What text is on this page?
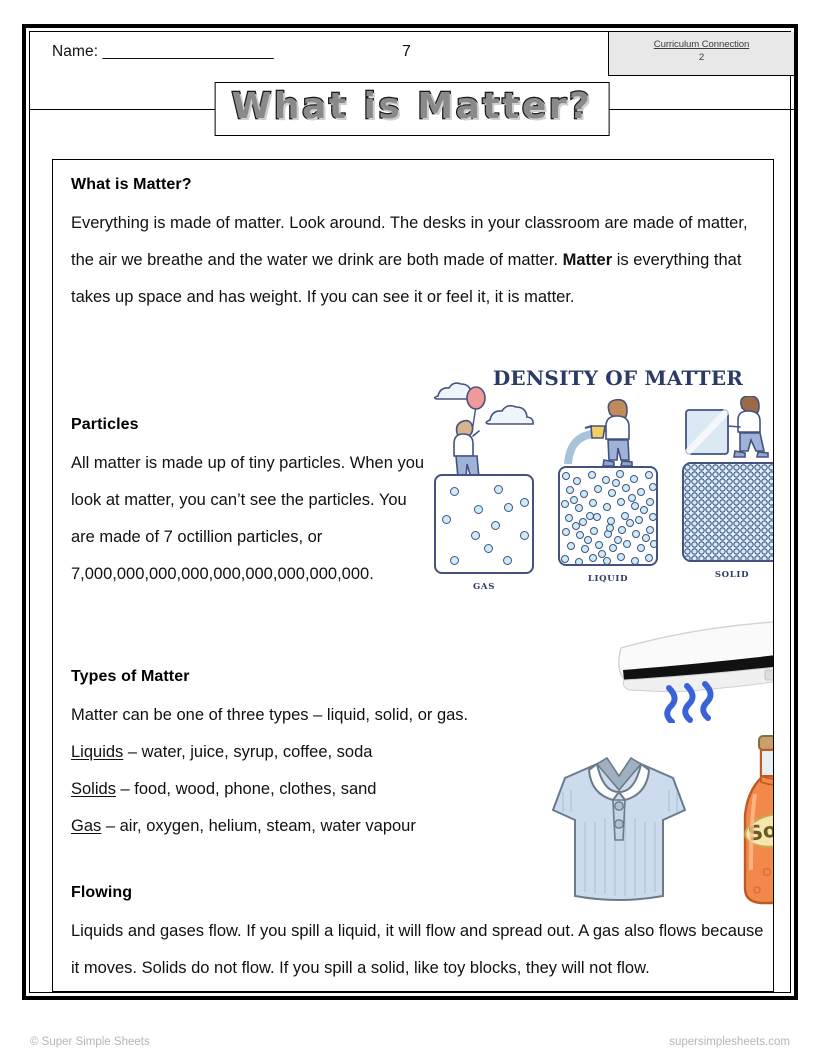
Name: _____________________	7	Curriculum Connection
2
What is Matter?
What is Matter?
Everything is made of matter. Look around. The desks in your classroom are made of matter, the air we breathe and the water we drink are both made of matter. Matter is everything that takes up space and has weight. If you can see it or feel it, it is matter.
Particles
All matter is made up of tiny particles. When you look at matter, you can’t see the particles. You are made of 7 octillion particles, or 7,000,000,000,000,000,000,000,000,000.
DENSITY OF MATTER
GAS
LIQUID	SOLID
Soda
Types of Matter
Matter can be one of three types – liquid, solid, or gas.
Liquids – water, juice, syrup, coffee, soda
Solids – food, wood, phone, clothes, sand
Gas – air, oxygen, helium, steam, water vapour
Flowing
Liquids and gases flow. If you spill a liquid, it will flow and spread out. A gas also flows because it moves. Solids do not flow. If you spill a solid, like toy blocks, they will not flow.
© Super Simple Sheets	supersimplesheets.com
